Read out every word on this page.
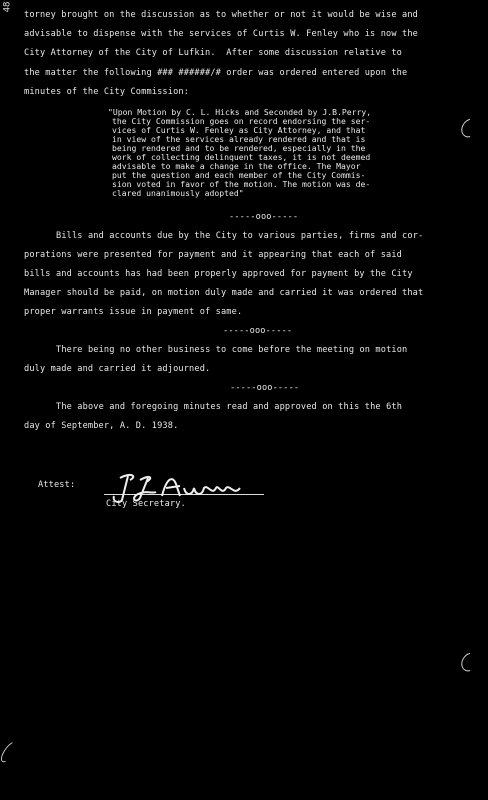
48
torney brought on the discussion as to whether or not it would be wise and
advisable to dispense with the services of Curtis W. Fenley who is now the
City Attorney of the City of Lufkin.  After some discussion relative to
the matter the following ### ######/# order was ordered entered upon the
minutes of the City Commission:
"Upon Motion by C. L. Hicks and Seconded by J.B.Perry,
the City Commission goes on record endorsing the ser-
vices of Curtis W. Fenley as City Attorney, and that
in view of the services already rendered and that is
being rendered and to be rendered, especially in the
work of collecting delinquent taxes, it is not deemed
advisable to make a change in the office. The Mayor
put the question and each member of the City Commis-
sion voted in favor of the motion. The motion was de-
clared unanimously adopted"
-----ooo-----
Bills and accounts due by the City to various parties, firms and cor-
porations were presented for payment and it appearing that each of said
bills and accounts has had been properly approved for payment by the City
Manager should be paid, on motion duly made and carried it was ordered that
proper warrants issue in payment of same.
-----ooo-----
There being no other business to come before the meeting on motion
duly made and carried it adjourned.
-----ooo-----
The above and foregoing minutes read and approved on this the 6th
day of September, A. D. 1938.
Attest:
City Secretary.
